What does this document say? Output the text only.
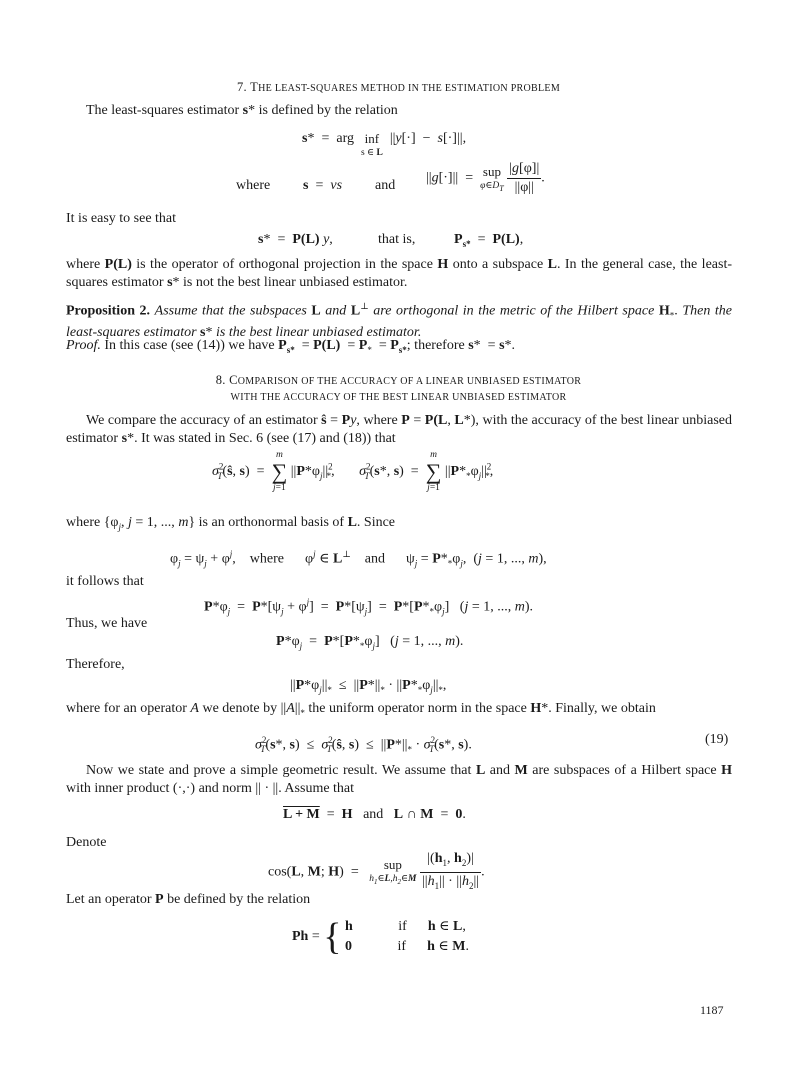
7. THE LEAST-SQUARES METHOD IN THE ESTIMATION PROBLEM
The least-squares estimator s* is defined by the relation
s*  =  arg  inf
s ∈ L
||y[·]  −  s[·]||,
where s  =  vs and ||g[·]||  =  sup
$\varphi\in D_T$
$\frac{|g[\varphi]|}{||\varphi||}$ .
It is easy to see that
s*  =  P(L) y,	that is,	$P_{s*} = P(L)$,
where P(L) is the operator of orthogonal projection in the space H onto a subspace L. In the general case, the least-squares estimator s* is not the best linear unbiased estimator.
Proposition 2. Assume that the subspaces L and L⊥ are orthogonal in the metric of the Hilbert space $H_*$. Then the least-squares estimator s* is the best linear unbiased estimator.
Proof. In this case (see (14)) we have $P_{s*} = P(L) = P_* = P_{s*}$; therefore s*  = s*.
8. COMPARISON OF THE ACCURACY OF A LINEAR UNBIASED ESTIMATOR
WITH THE ACCURACY OF THE BEST LINEAR UNBIASED ESTIMATOR
We compare the accuracy of an estimator ŝ = Py, where P = P(L, L*), with the accuracy of the best linear unbiased estimator s*. It was stated in Sec. 6 (see (17) and (18)) that
$\sigma^2_T(ŝ$, s)  =
m
∑
j=1
$||P*\varphi_j||^2_*$,       $\sigma^2_T(s*$, s)  =
m
∑
j=1
$||P*_*\varphi_j||^2_*$,
where {$\varphi_j$, j = 1, ..., m} is an orthonormal basis of L. Since
$\varphi_j = \psi_j + \varphi^j$,    where      $\varphi^j$ ∈ L⊥    and      $\psi_j = P*_*\varphi_j$,  (j = 1, ..., m),
it follows that
$P*\varphi_j = P*[\psi_j + \varphi^j] = P*[\psi_j] = P*[P*_*\varphi_j] (j = 1$, ..., m).
Thus, we have
$P*\varphi_j = P*[P*_*\varphi_j] (j = 1$, ..., m).
Therefore,
$||P*\varphi_j||_* \le ||P*||_* \cdot ||P*_*\varphi_j||_*$,
where for an operator A we denote by $||A||_*$ the uniform operator norm in the space H*. Finally, we obtain
$\sigma^2_T(s*$, $s) \le \sigma^2_T(ŝ$, $s) \le ||P*||_* \cdot \sigma^2_T(s*$, s).	(19)
Now we state and prove a simple geometric result. We assume that L and M are subspaces of a Hilbert space H with inner product (·,·) and norm || · ||. Assume that
L + M  =  H   and   L ∩ M  =  0.
Denote
cos(L, M; H)  =   sup
$h_1\in L,h_2\in M$
$\frac{|(h_1, h_2)|}{||h_1|| \cdot ||h_2||}$ .
Let an operator P be defined by the relation
Ph = { h             if      h ∈ L,
0             if      h ∈ M.
1187
